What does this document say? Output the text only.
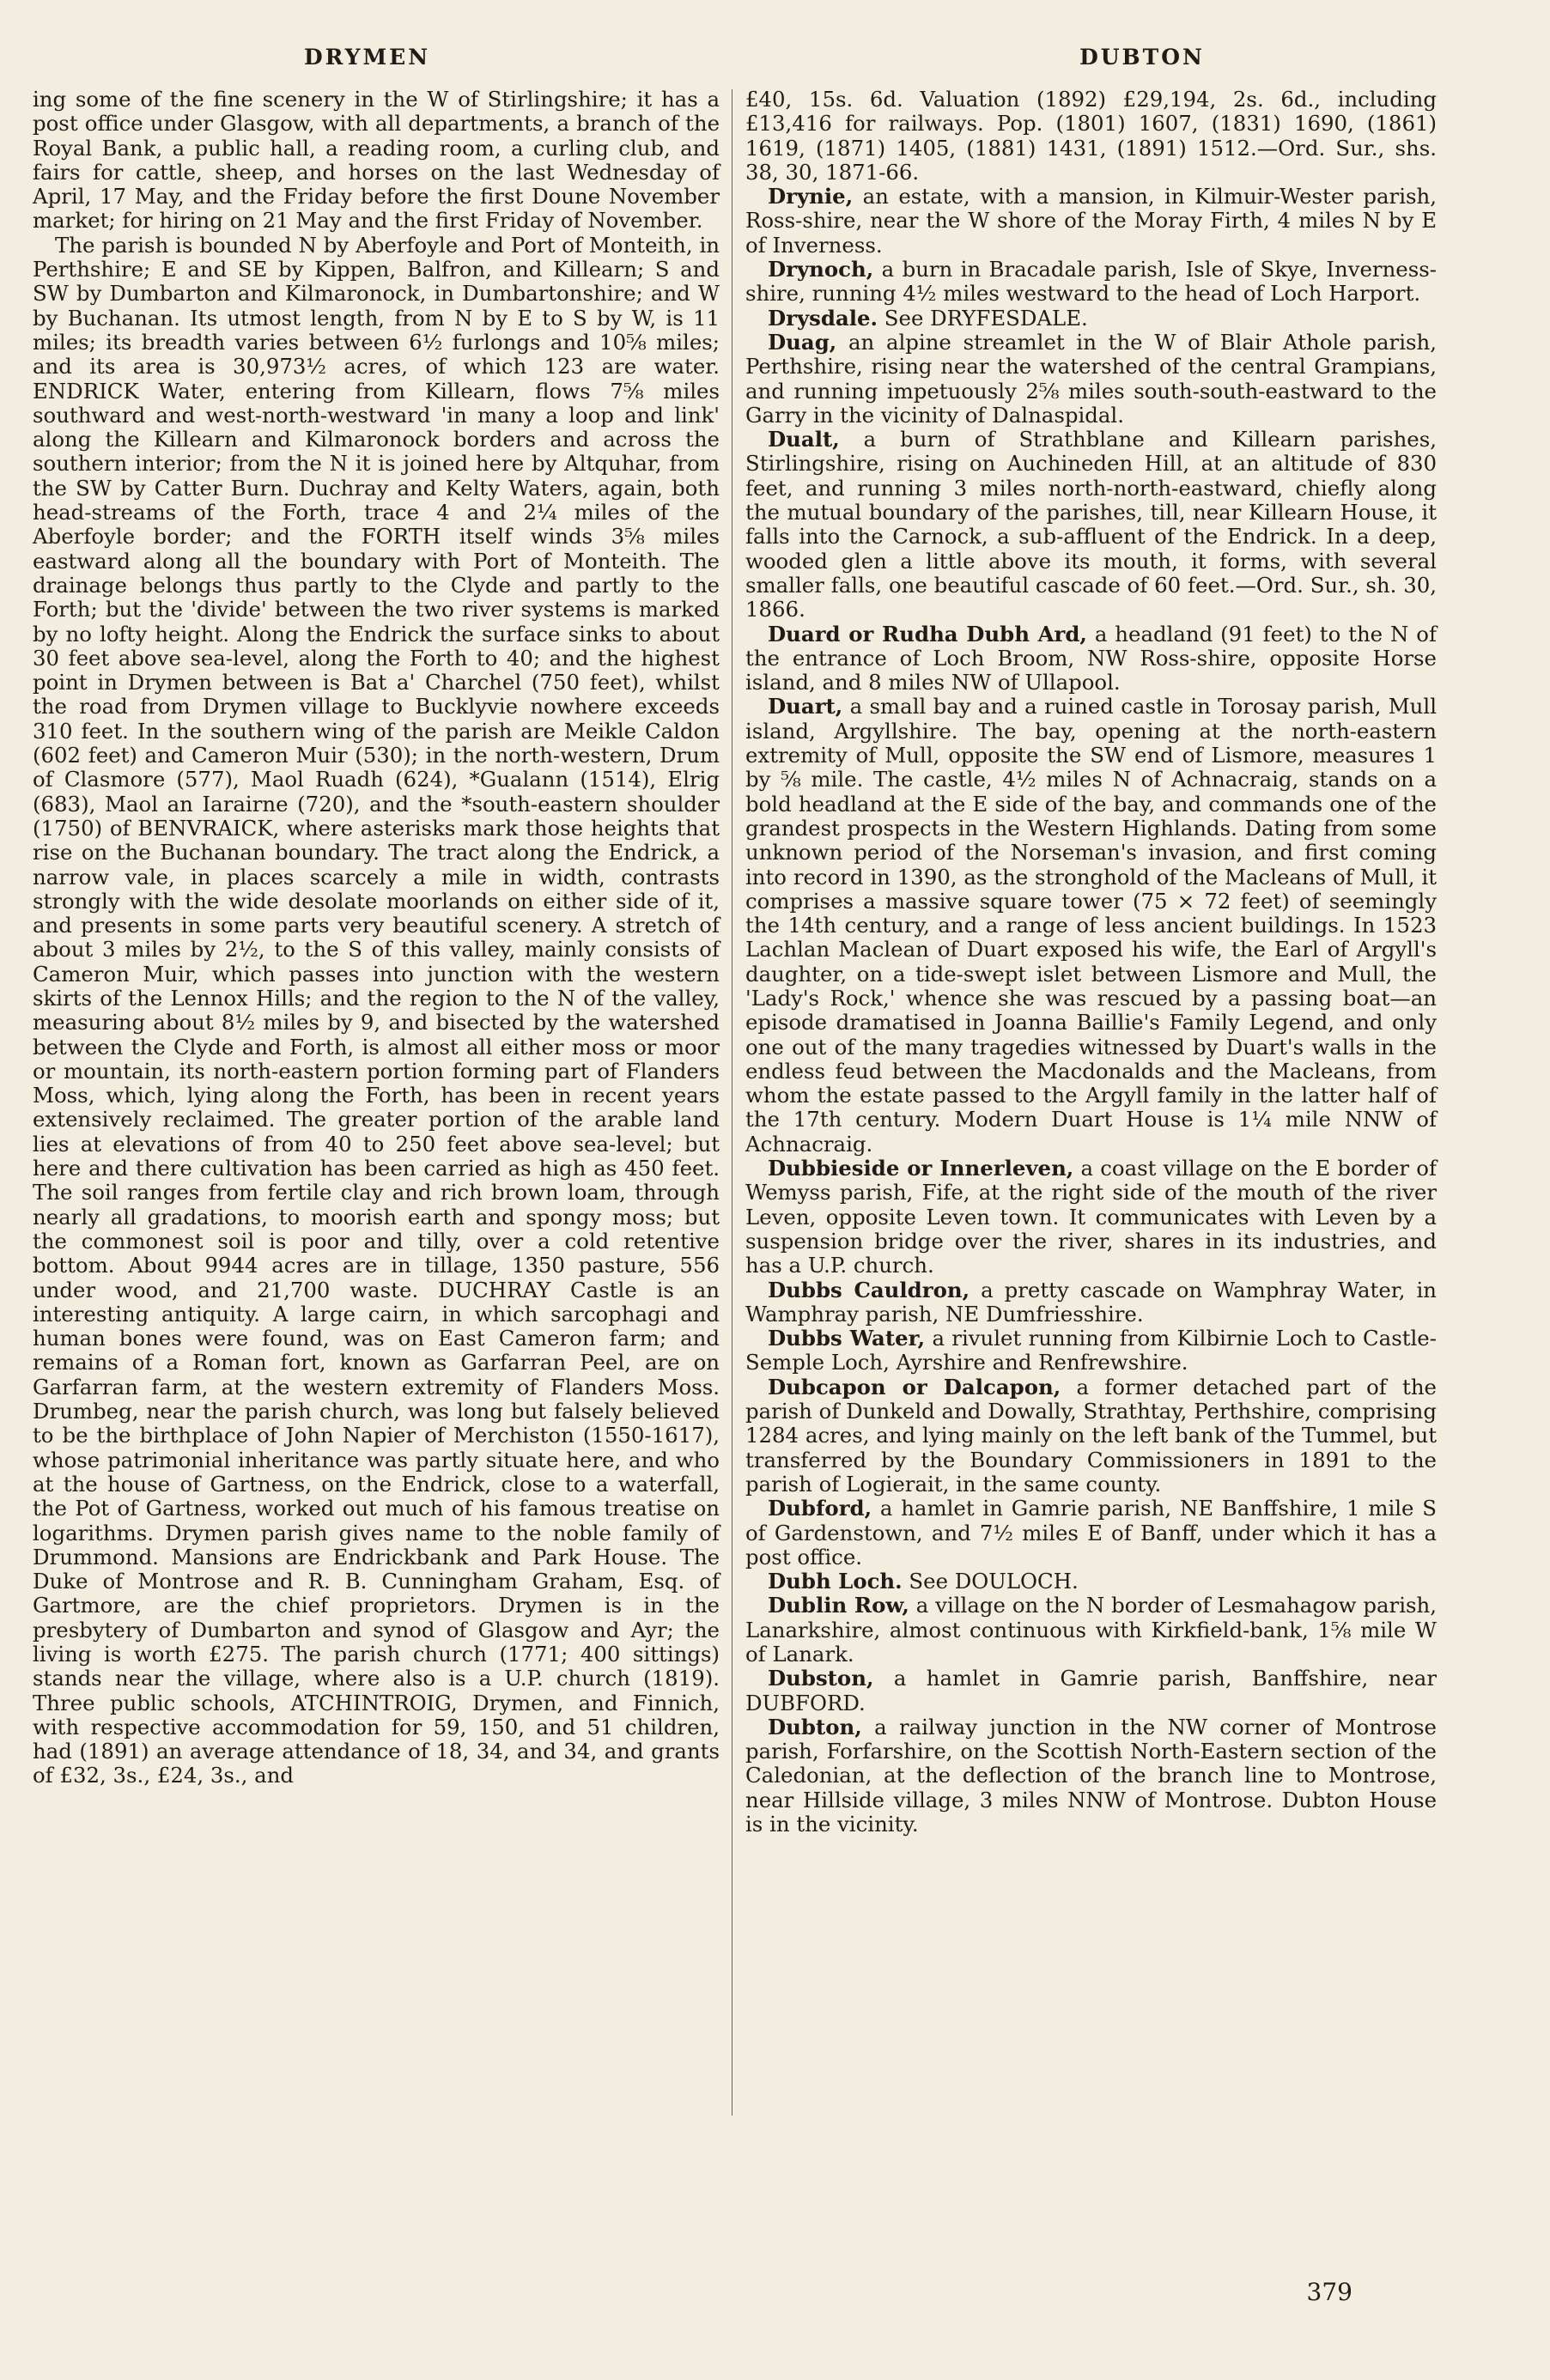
DRYMEN	DUBTON

ing some of the fine scenery in the W of Stirlingshire; it has a post office under Glasgow, with all departments, a branch of the Royal Bank, a public hall, a reading room, a curling club, and fairs for cattle, sheep, and horses on the last Wednesday of April, 17 May, and the Friday before the first Doune November market; for hiring on 21 May and the first Friday of November.

The parish is bounded N by Aberfoyle and Port of Monteith, in Perthshire; E and SE by Kippen, Balfron, and Killearn; S and SW by Dumbarton and Kilmaronock, in Dumbartonshire; and W by Buchanan. Its utmost length, from N by E to S by W, is 11 miles; its breadth varies between 6½ furlongs and 10⅝ miles; and its area is 30,973½ acres, of which 123 are water. ENDRICK Water, entering from Killearn, flows 7⅝ miles southward and west-north-westward 'in many a loop and link' along the Killearn and Kilmaronock borders and across the southern interior; from the N it is joined here by Altquhar, from the SW by Catter Burn. Duchray and Kelty Waters, again, both head-streams of the Forth, trace 4 and 2¼ miles of the Aberfoyle border; and the FORTH itself winds 3⅝ miles eastward along all the boundary with Port of Monteith. The drainage belongs thus partly to the Clyde and partly to the Forth; but the 'divide' between the two river systems is marked by no lofty height. Along the Endrick the surface sinks to about 30 feet above sea-level, along the Forth to 40; and the highest point in Drymen between is Bat a' Charchel (750 feet), whilst the road from Drymen village to Bucklyvie nowhere exceeds 310 feet. In the southern wing of the parish are Meikle Caldon (602 feet) and Cameron Muir (530); in the north-western, Drum of Clasmore (577), Maol Ruadh (624), *Gualann (1514), Elrig (683), Maol an Iarairne (720), and the *south-eastern shoulder (1750) of BENVRAICK, where asterisks mark those heights that rise on the Buchanan boundary. The tract along the Endrick, a narrow vale, in places scarcely a mile in width, contrasts strongly with the wide desolate moorlands on either side of it, and presents in some parts very beautiful scenery. A stretch of about 3 miles by 2½, to the S of this valley, mainly consists of Cameron Muir, which passes into junction with the western skirts of the Lennox Hills; and the region to the N of the valley, measuring about 8½ miles by 9, and bisected by the watershed between the Clyde and Forth, is almost all either moss or moor or mountain, its north-eastern portion forming part of Flanders Moss, which, lying along the Forth, has been in recent years extensively reclaimed. The greater portion of the arable land lies at elevations of from 40 to 250 feet above sea-level; but here and there cultivation has been carried as high as 450 feet. The soil ranges from fertile clay and rich brown loam, through nearly all gradations, to moorish earth and spongy moss; but the commonest soil is poor and tilly, over a cold retentive bottom. About 9944 acres are in tillage, 1350 pasture, 556 under wood, and 21,700 waste. DUCHRAY Castle is an interesting antiquity. A large cairn, in which sarcophagi and human bones were found, was on East Cameron farm; and remains of a Roman fort, known as Garfarran Peel, are on Garfarran farm, at the western extremity of Flanders Moss. Drumbeg, near the parish church, was long but falsely believed to be the birthplace of John Napier of Merchiston (1550-1617), whose patrimonial inheritance was partly situate here, and who at the house of Gartness, on the Endrick, close to a waterfall, the Pot of Gartness, worked out much of his famous treatise on logarithms. Drymen parish gives name to the noble family of Drummond. Mansions are Endrickbank and Park House. The Duke of Montrose and R. B. Cunningham Graham, Esq. of Gartmore, are the chief proprietors. Drymen is in the presbytery of Dumbarton and synod of Glasgow and Ayr; the living is worth £275. The parish church (1771; 400 sittings) stands near the village, where also is a U.P. church (1819). Three public schools, ATCHINTROIG, Drymen, and Finnich, with respective accommodation for 59, 150, and 51 children, had (1891) an average attendance of 18, 34, and 34, and grants of £32, 3s., £24, 3s., and

£40, 15s. 6d. Valuation (1892) £29,194, 2s. 6d., including £13,416 for railways. Pop. (1801) 1607, (1831) 1690, (1861) 1619, (1871) 1405, (1881) 1431, (1891) 1512.—Ord. Sur., shs. 38, 30, 1871-66.

Drynie, an estate, with a mansion, in Kilmuir-Wester parish, Ross-shire, near the W shore of the Moray Firth, 4 miles N by E of Inverness.

Drynoch, a burn in Bracadale parish, Isle of Skye, Inverness-shire, running 4½ miles westward to the head of Loch Harport.

Drysdale. See DRYFESDALE.

Duag, an alpine streamlet in the W of Blair Athole parish, Perthshire, rising near the watershed of the central Grampians, and running impetuously 2⅝ miles south-south-eastward to the Garry in the vicinity of Dalnaspidal.

Dualt, a burn of Strathblane and Killearn parishes, Stirlingshire, rising on Auchineden Hill, at an altitude of 830 feet, and running 3 miles north-north-eastward, chiefly along the mutual boundary of the parishes, till, near Killearn House, it falls into the Carnock, a sub-affluent of the Endrick. In a deep, wooded glen a little above its mouth, it forms, with several smaller falls, one beautiful cascade of 60 feet.—Ord. Sur., sh. 30, 1866.

Duard or Rudha Dubh Ard, a headland (91 feet) to the N of the entrance of Loch Broom, NW Ross-shire, opposite Horse island, and 8 miles NW of Ullapool.

Duart, a small bay and a ruined castle in Torosay parish, Mull island, Argyllshire. The bay, opening at the north-eastern extremity of Mull, opposite the SW end of Lismore, measures 1 by ⅝ mile. The castle, 4½ miles N of Achnacraig, stands on a bold headland at the E side of the bay, and commands one of the grandest prospects in the Western Highlands. Dating from some unknown period of the Norseman's invasion, and first coming into record in 1390, as the stronghold of the Macleans of Mull, it comprises a massive square tower (75 × 72 feet) of seemingly the 14th century, and a range of less ancient buildings. In 1523 Lachlan Maclean of Duart exposed his wife, the Earl of Argyll's daughter, on a tide-swept islet between Lismore and Mull, the 'Lady's Rock,' whence she was rescued by a passing boat—an episode dramatised in Joanna Baillie's Family Legend, and only one out of the many tragedies witnessed by Duart's walls in the endless feud between the Macdonalds and the Macleans, from whom the estate passed to the Argyll family in the latter half of the 17th century. Modern Duart House is 1¼ mile NNW of Achnacraig.

Dubbieside or Innerleven, a coast village on the E border of Wemyss parish, Fife, at the right side of the mouth of the river Leven, opposite Leven town. It communicates with Leven by a suspension bridge over the river, shares in its industries, and has a U.P. church.

Dubbs Cauldron, a pretty cascade on Wamphray Water, in Wamphray parish, NE Dumfriesshire.

Dubbs Water, a rivulet running from Kilbirnie Loch to Castle-Semple Loch, Ayrshire and Renfrewshire.

Dubcapon or Dalcapon, a former detached part of the parish of Dunkeld and Dowally, Strathtay, Perthshire, comprising 1284 acres, and lying mainly on the left bank of the Tummel, but transferred by the Boundary Commissioners in 1891 to the parish of Logierait, in the same county.

Dubford, a hamlet in Gamrie parish, NE Banffshire, 1 mile S of Gardenstown, and 7½ miles E of Banff, under which it has a post office.

Dubh Loch. See DOULOCH.

Dublin Row, a village on the N border of Lesmahagow parish, Lanarkshire, almost continuous with Kirkfield-bank, 1⅝ mile W of Lanark.

Dubston, a hamlet in Gamrie parish, Banffshire, near DUBFORD.

Dubton, a railway junction in the NW corner of Montrose parish, Forfarshire, on the Scottish North-Eastern section of the Caledonian, at the deflection of the branch line to Montrose, near Hillside village, 3 miles NNW of Montrose. Dubton House is in the vicinity.

379
